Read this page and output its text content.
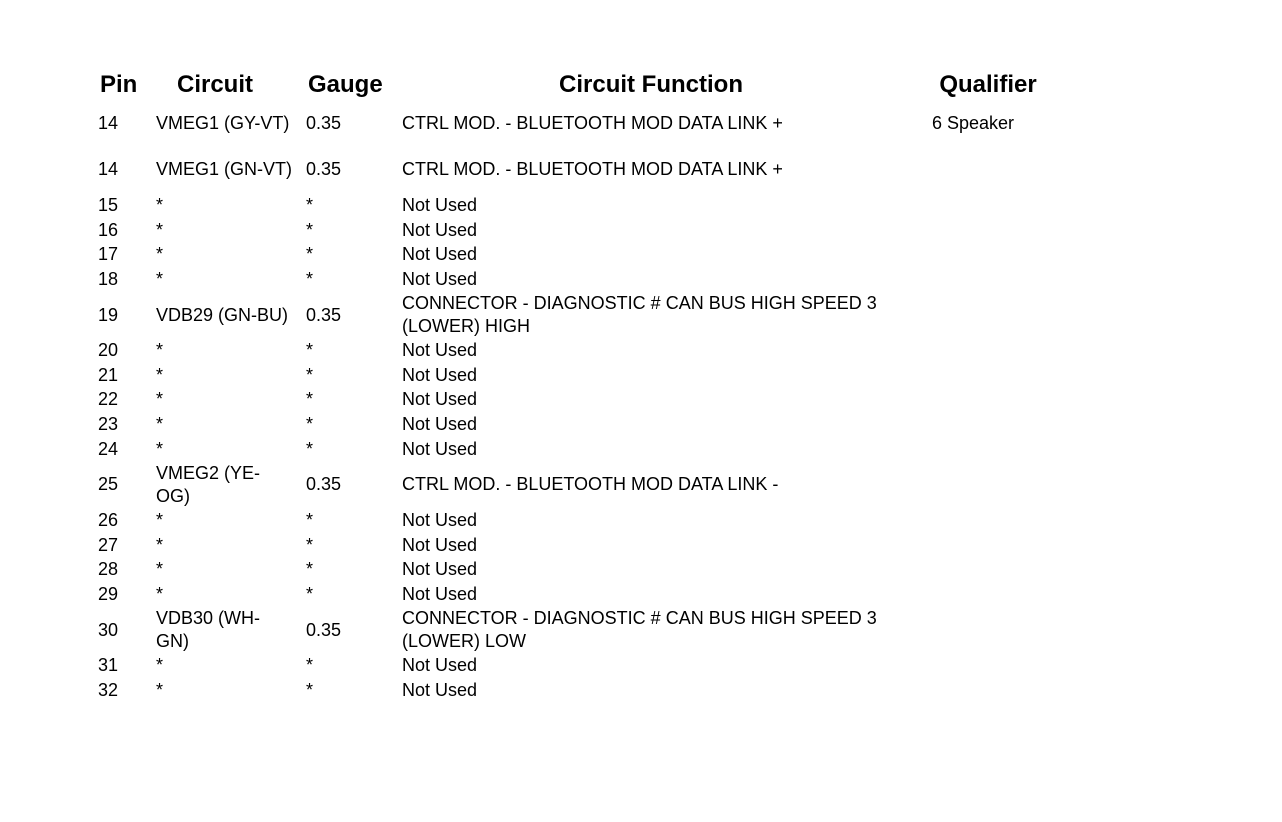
Pin	Circuit	Gauge	Circuit Function	Qualifier
14	VMEG1 (GY-VT)	0.35	CTRL MOD. - BLUETOOTH MOD DATA LINK +	6 Speaker
14	VMEG1 (GN-VT)	0.35	CTRL MOD. - BLUETOOTH MOD DATA LINK +	
15	*	*	Not Used	
16	*	*	Not Used	
17	*	*	Not Used	
18	*	*	Not Used	
19	VDB29 (GN-BU)	0.35	CONNECTOR - DIAGNOSTIC # CAN BUS HIGH SPEED 3 (LOWER) HIGH	
20	*	*	Not Used	
21	*	*	Not Used	
22	*	*	Not Used	
23	*	*	Not Used	
24	*	*	Not Used	
25	VMEG2 (YE-OG)	0.35	CTRL MOD. - BLUETOOTH MOD DATA LINK -	
26	*	*	Not Used	
27	*	*	Not Used	
28	*	*	Not Used	
29	*	*	Not Used	
30	VDB30 (WH-GN)	0.35	CONNECTOR - DIAGNOSTIC # CAN BUS HIGH SPEED 3 (LOWER) LOW	
31	*	*	Not Used	
32	*	*	Not Used	
